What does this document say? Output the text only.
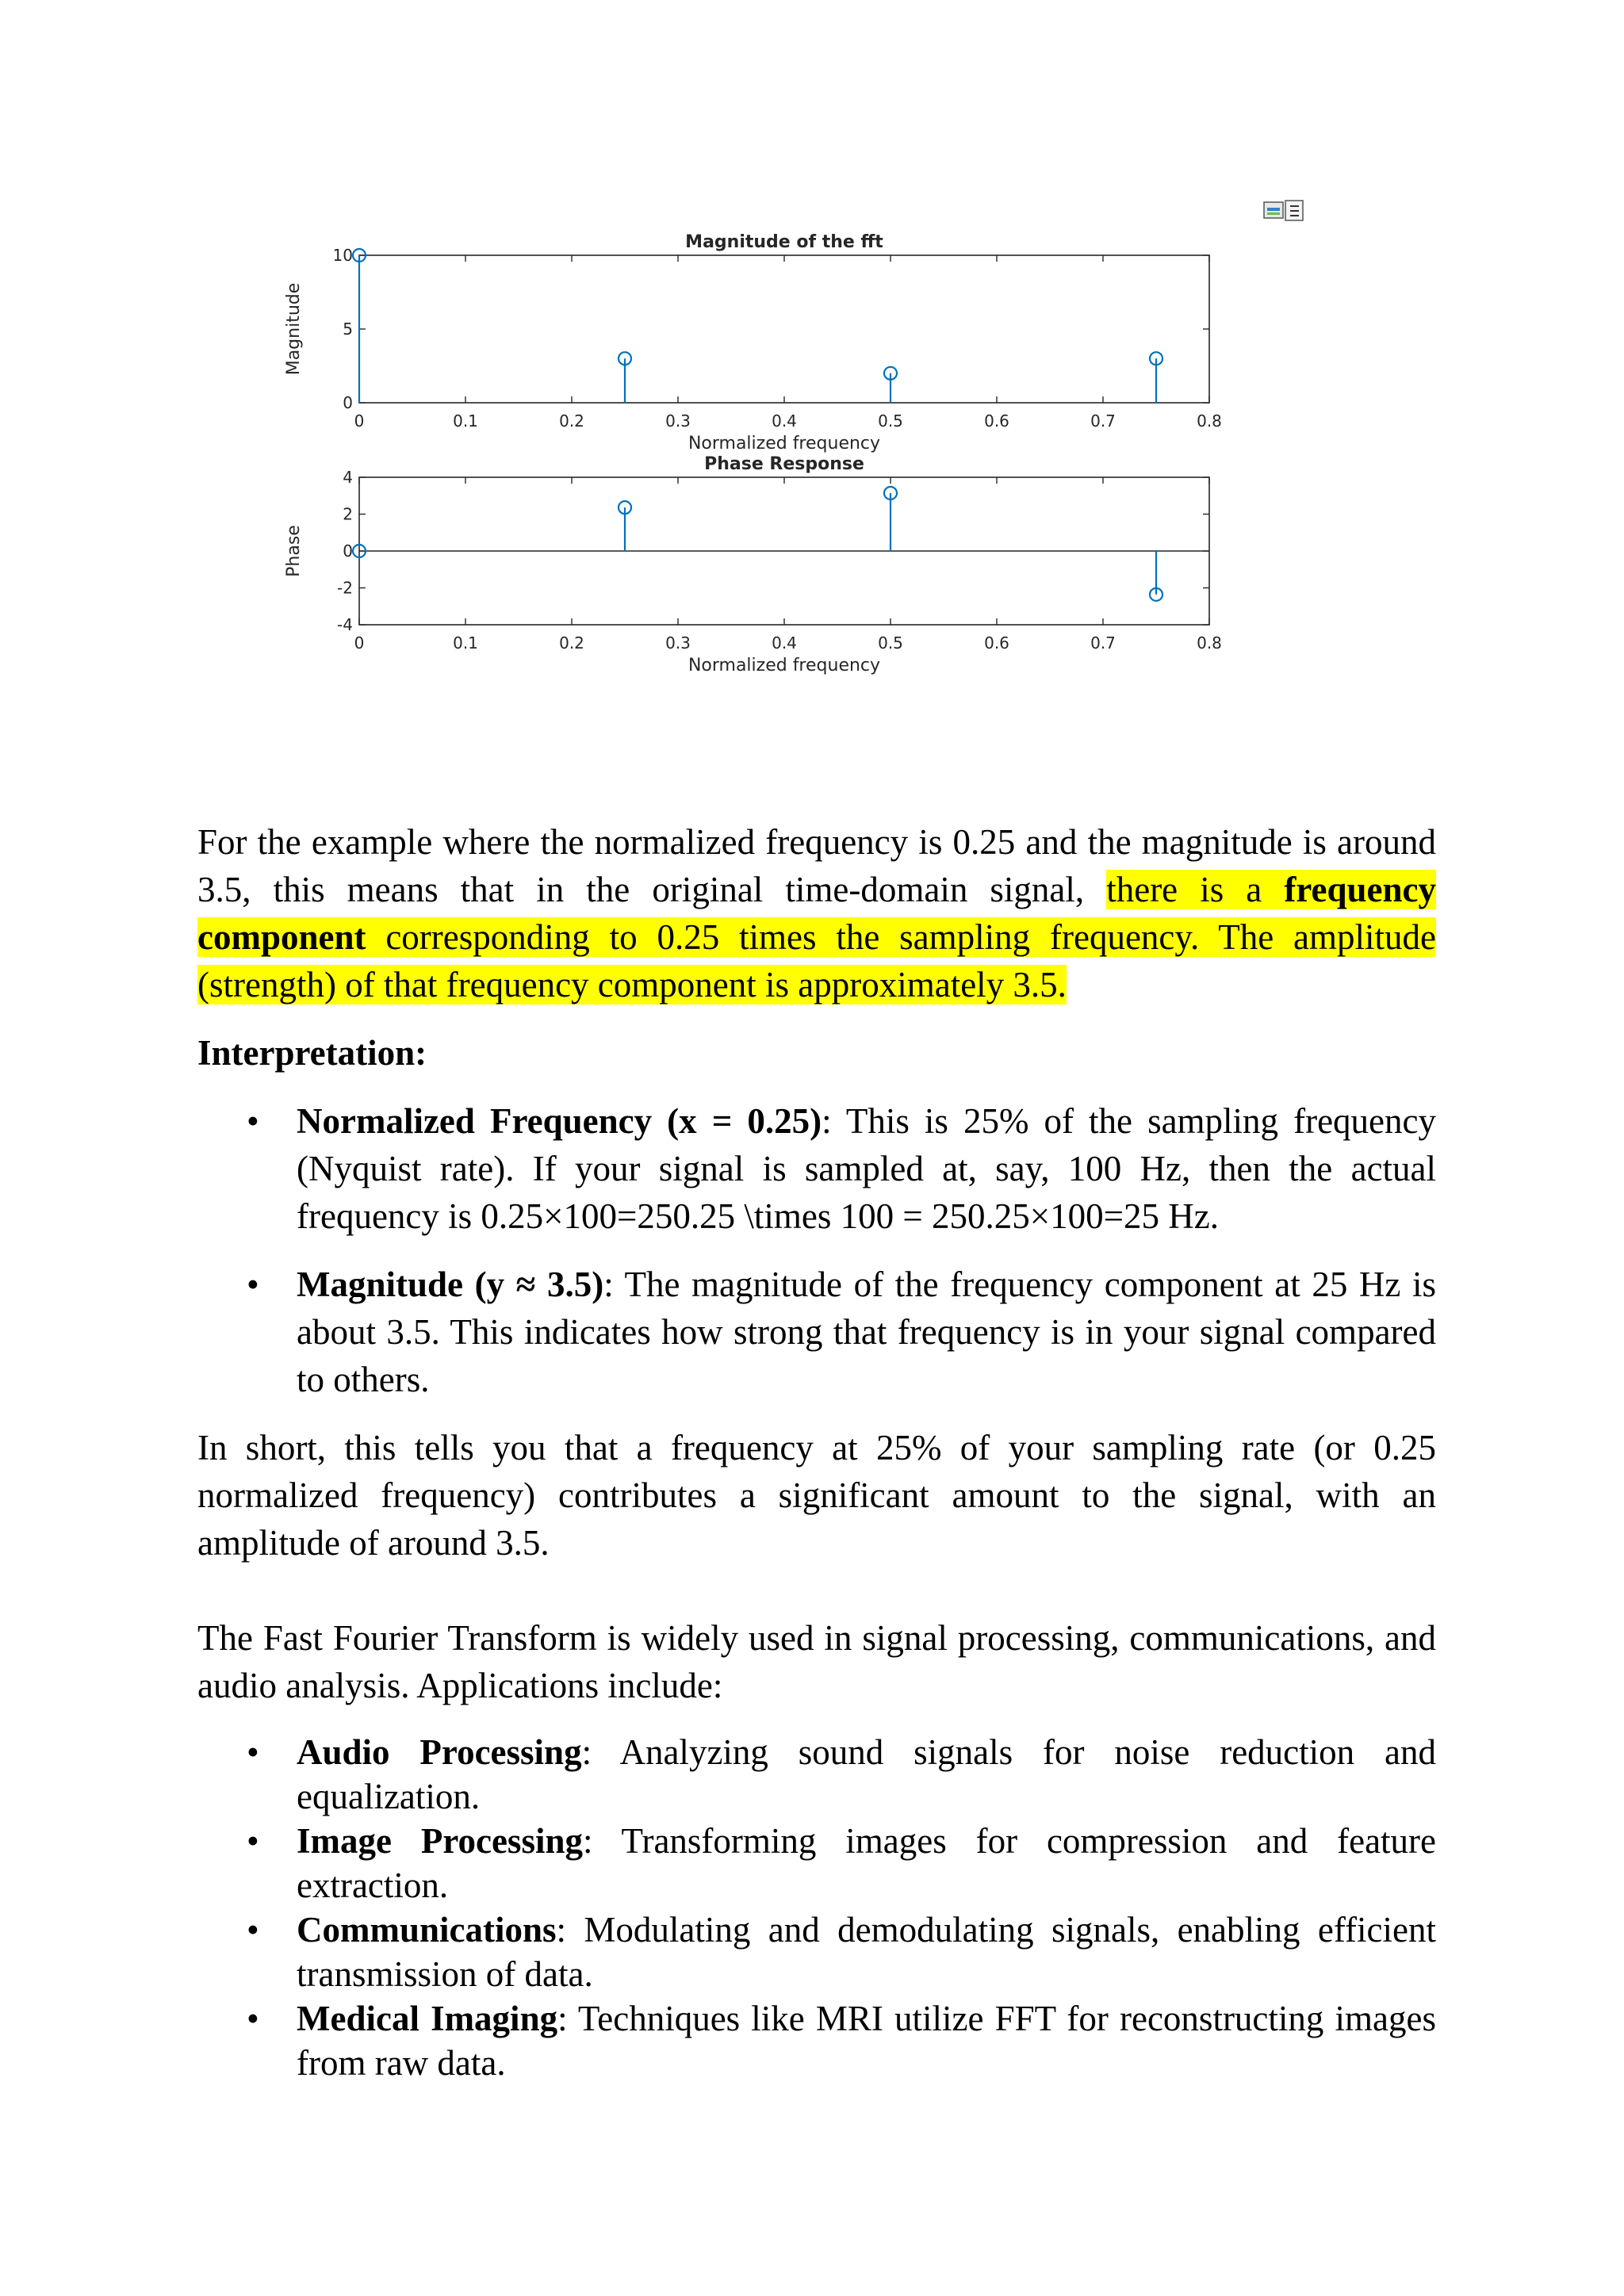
0	0.1	0.2	0.3	0.4	0.5	0.6	0.7	0.8
0
5
10
Magnitude of the fft
Normalized frequency
Magnitude
0	0.1	0.2	0.3	0.4	0.5	0.6	0.7	0.8
-4
-2
0
2
4
Phase Response
Normalized frequency
Phase

For the example where the normalized frequency is 0.25 and the magnitude is around 3.5, this means that in the original time-domain signal, there is a frequency component corresponding to 0.25 times the sampling frequency. The amplitude (strength) of that frequency component is approximately 3.5.

Interpretation:

• Normalized Frequency (x = 0.25): This is 25% of the sampling frequency (Nyquist rate). If your signal is sampled at, say, 100 Hz, then the actual frequency is 0.25×100=250.25 \times 100 = 250.25×100=25 Hz.
• Magnitude (y ≈ 3.5): The magnitude of the frequency component at 25 Hz is about 3.5. This indicates how strong that frequency is in your signal compared to others.

In short, this tells you that a frequency at 25% of your sampling rate (or 0.25 normalized frequency) contributes a significant amount to the signal, with an amplitude of around 3.5.

The Fast Fourier Transform is widely used in signal processing, communications, and audio analysis. Applications include:

• Audio Processing: Analyzing sound signals for noise reduction and equalization.
• Image Processing: Transforming images for compression and feature extraction.
• Communications: Modulating and demodulating signals, enabling efficient transmission of data.
• Medical Imaging: Techniques like MRI utilize FFT for reconstructing images from raw data.
